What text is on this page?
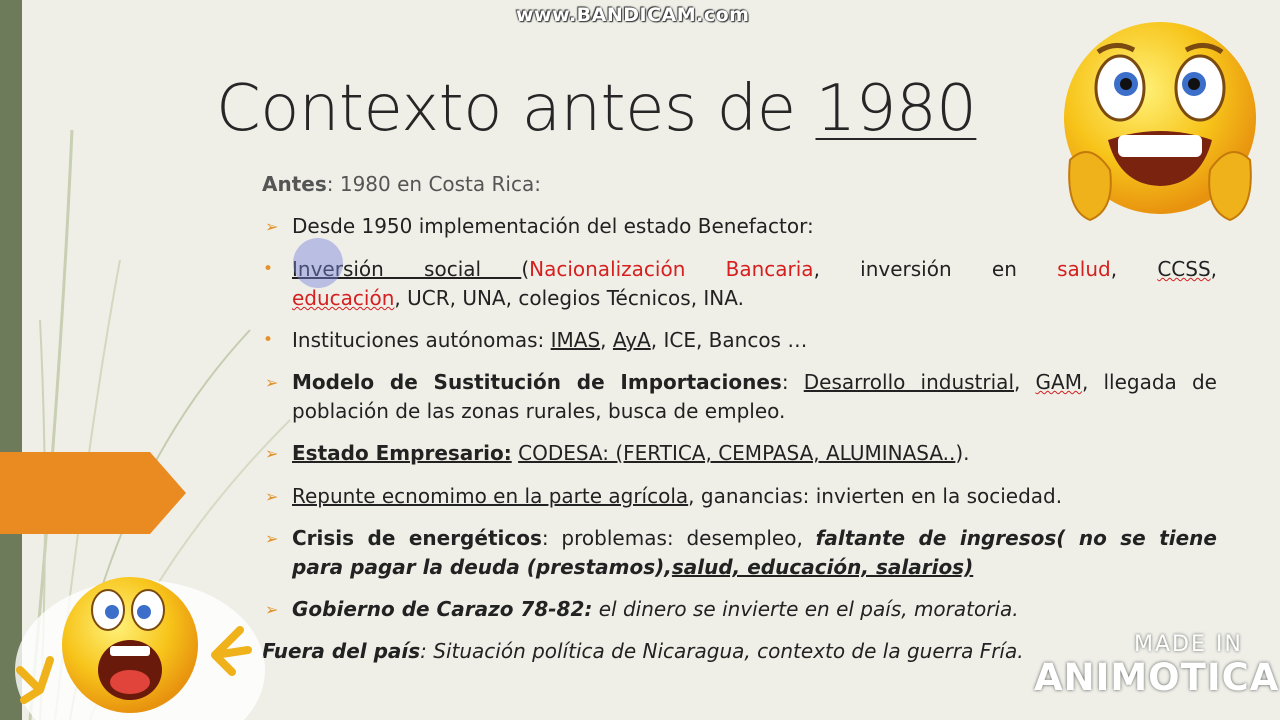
www.BANDICAM.com
Contexto antes de 1980
Antes: 1980 en Costa Rica:
➢ Desde 1950 implementación del estado Benefactor:
• Inversión social (Nacionalización Bancaria, inversión en salud, CCSS,
educación, UCR, UNA, colegios Técnicos, INA.
• Instituciones autónomas: IMAS, AyA, ICE, Bancos …
➢ Modelo de Sustitución de Importaciones: Desarrollo industrial, GAM, llegada de
población de las zonas rurales, busca de empleo.
➢ Estado Empresario: CODESA: (FERTICA, CEMPASA, ALUMINASA..).
➢ Repunte ecnomimo en la parte agrícola, ganancias: invierten en la sociedad.
➢ Crisis de energéticos: problemas: desempleo, faltante de ingresos( no se tiene
para pagar la deuda (prestamos),salud, educación, salarios)
➢ Gobierno de Carazo 78-82: el dinero se invierte en el país, moratoria.
Fuera del país: Situación política de Nicaragua, contexto de la guerra Fría.	MADE IN
ANIMOTICA
